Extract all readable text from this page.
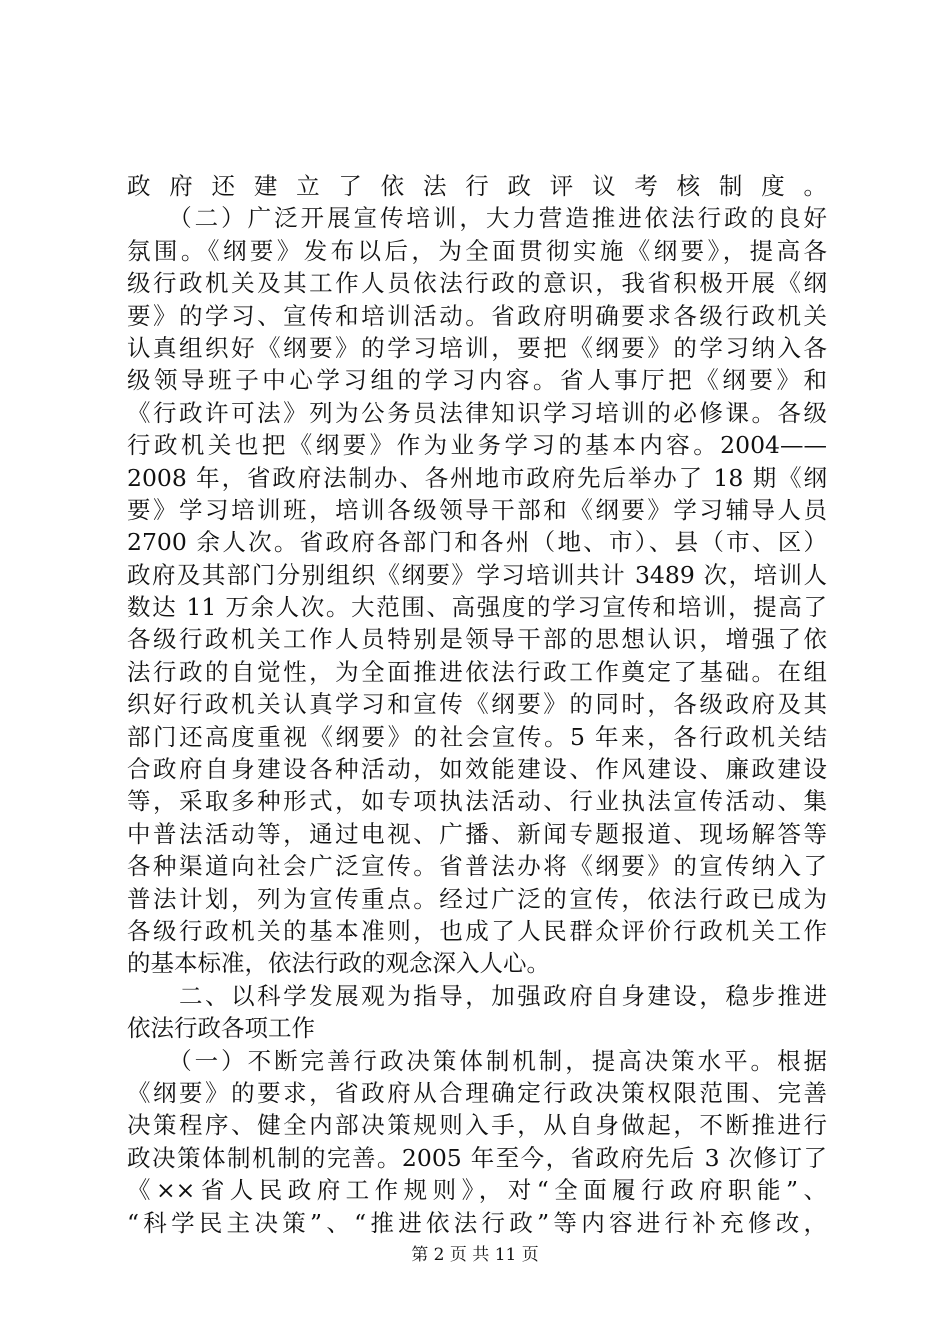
政府还建立了依法行政评议考核制度。
　　（二）广泛开展宣传培训，大力营造推进依法行政的良好
氛围。《纲要》发布以后，为全面贯彻实施《纲要》，提高各
级行政机关及其工作人员依法行政的意识，我省积极开展《纲
要》的学习、宣传和培训活动。省政府明确要求各级行政机关
认真组织好《纲要》的学习培训，要把《纲要》的学习纳入各
级领导班子中心学习组的学习内容。省人事厅把《纲要》和
《行政许可法》列为公务员法律知识学习培训的必修课。各级
行政机关也把《纲要》作为业务学习的基本内容。2004——
2008 年，省政府法制办、各州地市政府先后举办了 18 期《纲
要》学习培训班，培训各级领导干部和《纲要》学习辅导人员
2700 余人次。省政府各部门和各州（地、市）、县（市、区）
政府及其部门分别组织《纲要》学习培训共计 3489 次，培训人
数达 11 万余人次。大范围、高强度的学习宣传和培训，提高了
各级行政机关工作人员特别是领导干部的思想认识，增强了依
法行政的自觉性，为全面推进依法行政工作奠定了基础。在组
织好行政机关认真学习和宣传《纲要》的同时，各级政府及其
部门还高度重视《纲要》的社会宣传。5 年来，各行政机关结
合政府自身建设各种活动，如效能建设、作风建设、廉政建设
等，采取多种形式，如专项执法活动、行业执法宣传活动、集
中普法活动等，通过电视、广播、新闻专题报道、现场解答等
各种渠道向社会广泛宣传。省普法办将《纲要》的宣传纳入了
普法计划，列为宣传重点。经过广泛的宣传，依法行政已成为
各级行政机关的基本准则，也成了人民群众评价行政机关工作
的基本标准，依法行政的观念深入人心。
　　二、以科学发展观为指导，加强政府自身建设，稳步推进
依法行政各项工作
　　（一）不断完善行政决策体制机制，提高决策水平。根据
《纲要》的要求，省政府从合理确定行政决策权限范围、完善
决策程序、健全内部决策规则入手，从自身做起，不断推进行
政决策体制机制的完善。2005 年至今，省政府先后 3 次修订了
《××省人民政府工作规则》，对“全面履行政府职能”、
“科学民主决策”、“推进依法行政”等内容进行补充修改，
第 2 页 共 11 页
